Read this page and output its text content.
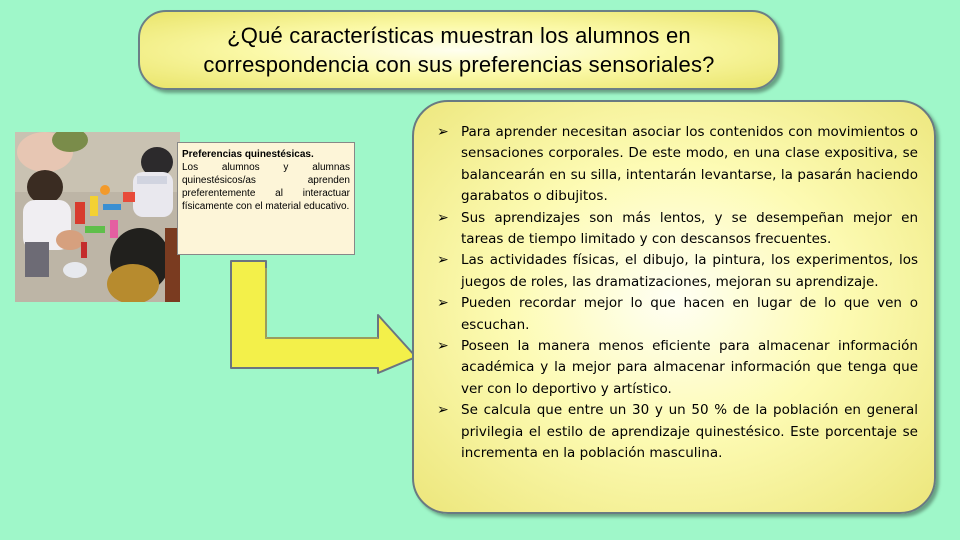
¿Qué características muestran los alumnos en
correspondencia con sus preferencias sensoriales?
Preferencias quinestésicas.
Los alumnos y alumnas quinestésicos/as aprenden preferentemente al interactuar físicamente con el material educativo.
➢ Para aprender necesitan asociar los contenidos con movimientos o sensaciones corporales. De este modo, en una clase expositiva, se balancearán en su silla, intentarán levantarse, la pasarán haciendo garabatos o dibujitos.
➢ Sus aprendizajes son más lentos, y se desempeñan mejor en tareas de tiempo limitado y con descansos frecuentes.
➢ Las actividades físicas, el dibujo, la pintura, los experimentos, los juegos de roles, las dramatizaciones, mejoran su aprendizaje.
➢ Pueden recordar mejor lo que hacen en lugar de lo que ven o escuchan.
➢ Poseen la manera menos eficiente para almacenar información académica y la mejor para almacenar información que tenga que ver con lo deportivo y artístico.
➢ Se calcula que entre un 30 y un 50 % de la población en general privilegia el estilo de aprendizaje quinestésico. Este porcentaje se incrementa en la población masculina.
